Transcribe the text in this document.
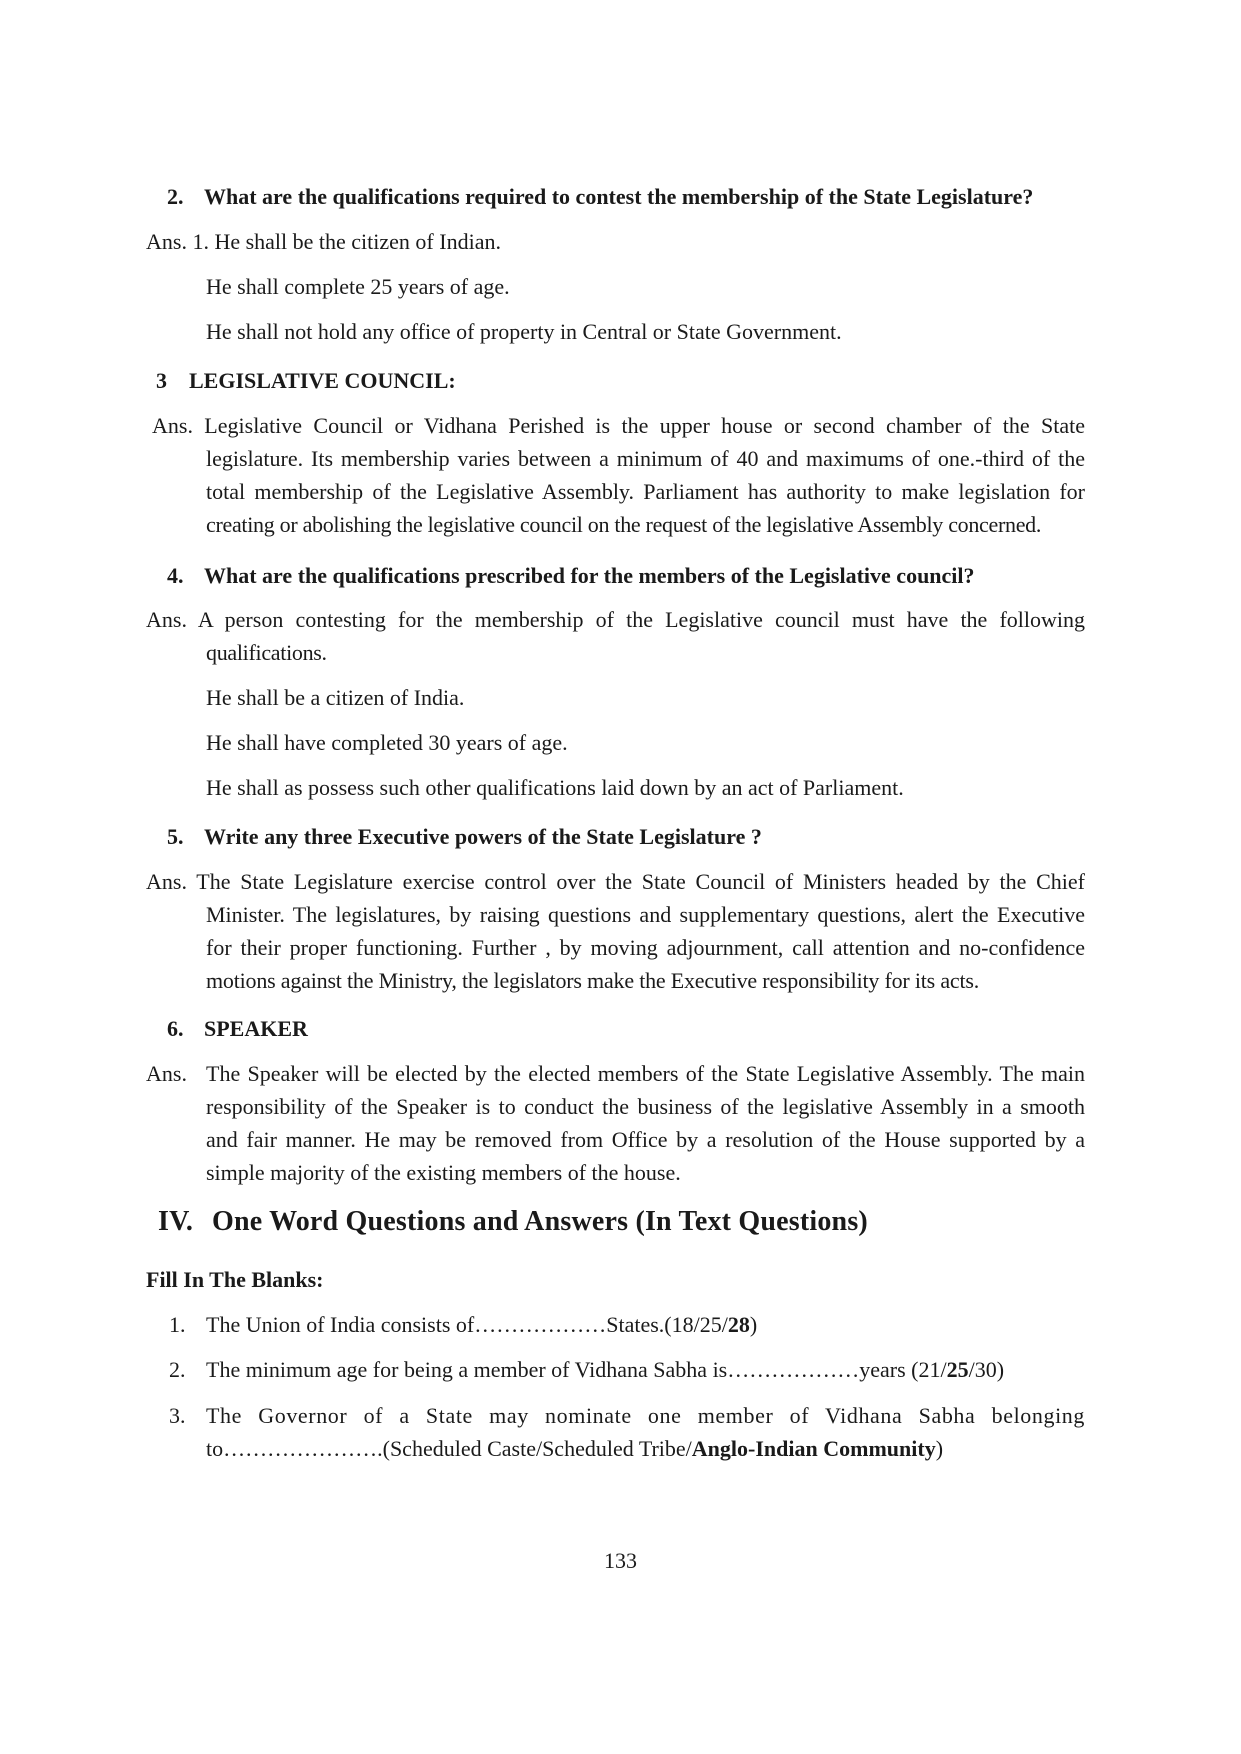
2. What are the qualifications required to contest the membership of the State Legislature?
Ans. 1. He shall be the citizen of Indian.
He shall complete 25 years of age.
He shall not hold any office of property in Central or State Government.
3 LEGISLATIVE COUNCIL:
Ans. Legislative Council or Vidhana Perished is the upper house or second chamber of the State
legislature. Its membership varies between a minimum of 40 and maximums of one.-third of the
total membership of the Legislative Assembly. Parliament has authority to make legislation for
creating or abolishing the legislative council on the request of the legislative Assembly concerned.
4. What are the qualifications prescribed for the members of the Legislative council?
Ans. A person contesting for the membership of the Legislative council must have the following
qualifications.
He shall be a citizen of India.
He shall have completed 30 years of age.
He shall as possess such other qualifications laid down by an act of Parliament.
5. Write any three Executive powers of the State Legislature ?
Ans. The State Legislature exercise control over the State Council of Ministers headed by the Chief
Minister. The legislatures, by raising questions and supplementary questions, alert the Executive
for their proper functioning. Further , by moving adjournment, call attention and no-confidence
motions against the Ministry, the legislators make the Executive responsibility for its acts.
6. SPEAKER
Ans. The Speaker will be elected by the elected members of the State Legislative Assembly. The main
responsibility of the Speaker is to conduct the business of the legislative Assembly in a smooth
and fair manner. He may be removed from Office by a resolution of the House supported by a
simple majority of the existing members of the house.
IV. One Word Questions and Answers (In Text Questions)
Fill In The Blanks:
1. The Union of India consists of………………States.(18/25/28)
2. The minimum age for being a member of Vidhana Sabha is………………years (21/25/30)
3. The Governor of a State may nominate one member of Vidhana Sabha belonging
to………………….(Scheduled Caste/Scheduled Tribe/Anglo-Indian Community)
133
